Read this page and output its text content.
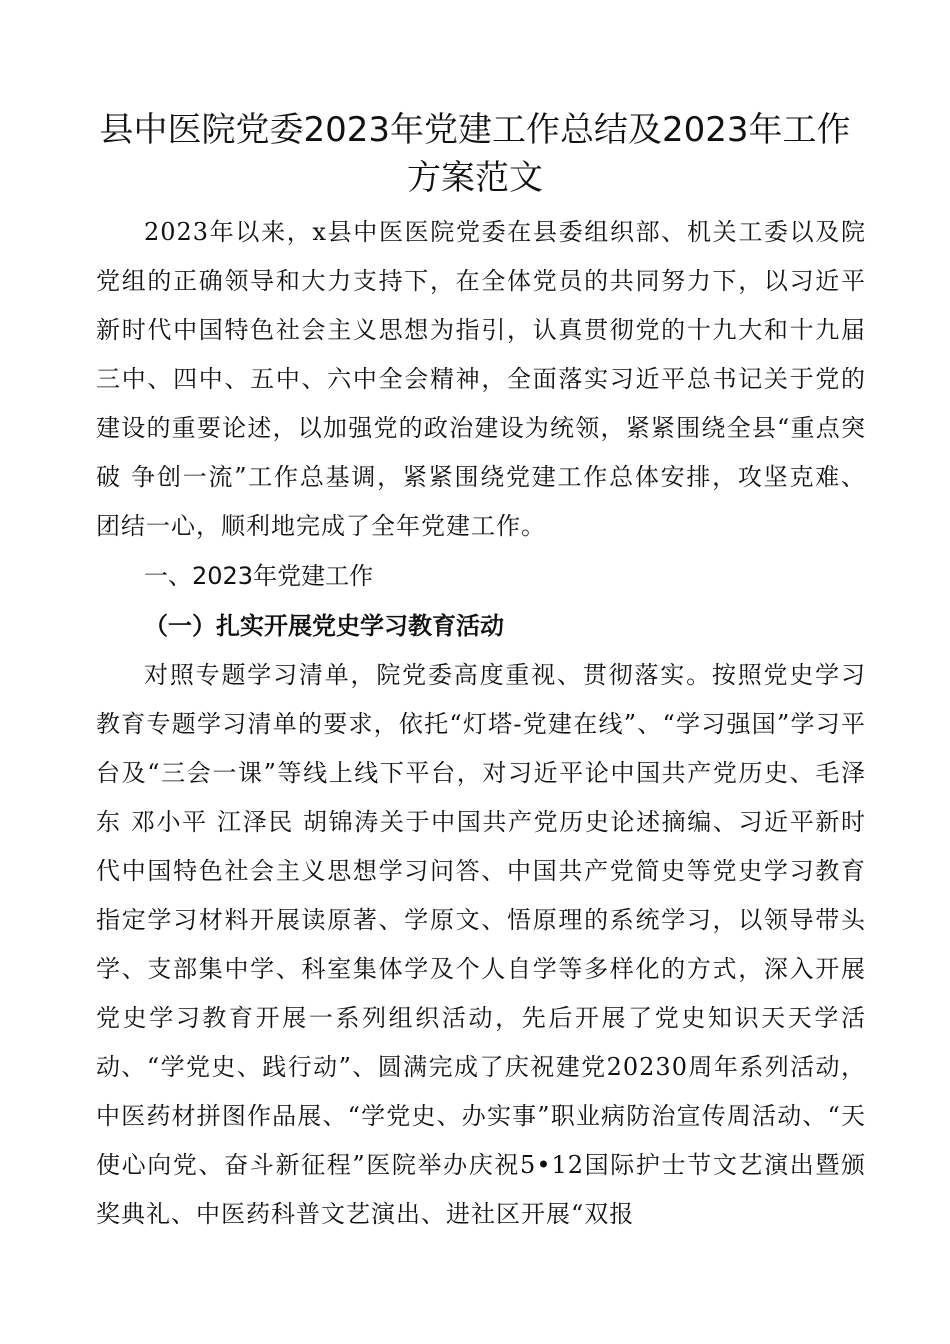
县中医院党委2023年党建工作总结及2023年工作
方案范文

2023年以来，x县中医医院党委在县委组织部、机关工委以及院党组的正确领导和大力支持下，在全体党员的共同努力下，以习近平新时代中国特色社会主义思想为指引，认真贯彻党的十九大和十九届三中、四中、五中、六中全会精神，全面落实习近平总书记关于党的建设的重要论述，以加强党的政治建设为统领，紧紧围绕全县“重点突破 争创一流”工作总基调，紧紧围绕党建工作总体安排，攻坚克难、团结一心，顺利地完成了全年党建工作。

一、2023年党建工作

（一）扎实开展党史学习教育活动

对照专题学习清单，院党委高度重视、贯彻落实。按照党史学习教育专题学习清单的要求，依托“灯塔-党建在线”、“学习强国”学习平台及“三会一课”等线上线下平台，对习近平论中国共产党历史、毛泽东 邓小平 江泽民 胡锦涛关于中国共产党历史论述摘编、习近平新时代中国特色社会主义思想学习问答、中国共产党简史等党史学习教育指定学习材料开展读原著、学原文、悟原理的系统学习，以领导带头学、支部集中学、科室集体学及个人自学等多样化的方式，深入开展党史学习教育开展一系列组织活动，先后开展了党史知识天天学活动、“学党史、践行动”、圆满完成了庆祝建党20230周年系列活动，中医药材拼图作品展、“学党史、办实事”职业病防治宣传周活动、“天使心向党、奋斗新征程”医院举办庆祝5•12国际护士节文艺演出暨颁奖典礼、中医药科普文艺演出、进社区开展“双报
